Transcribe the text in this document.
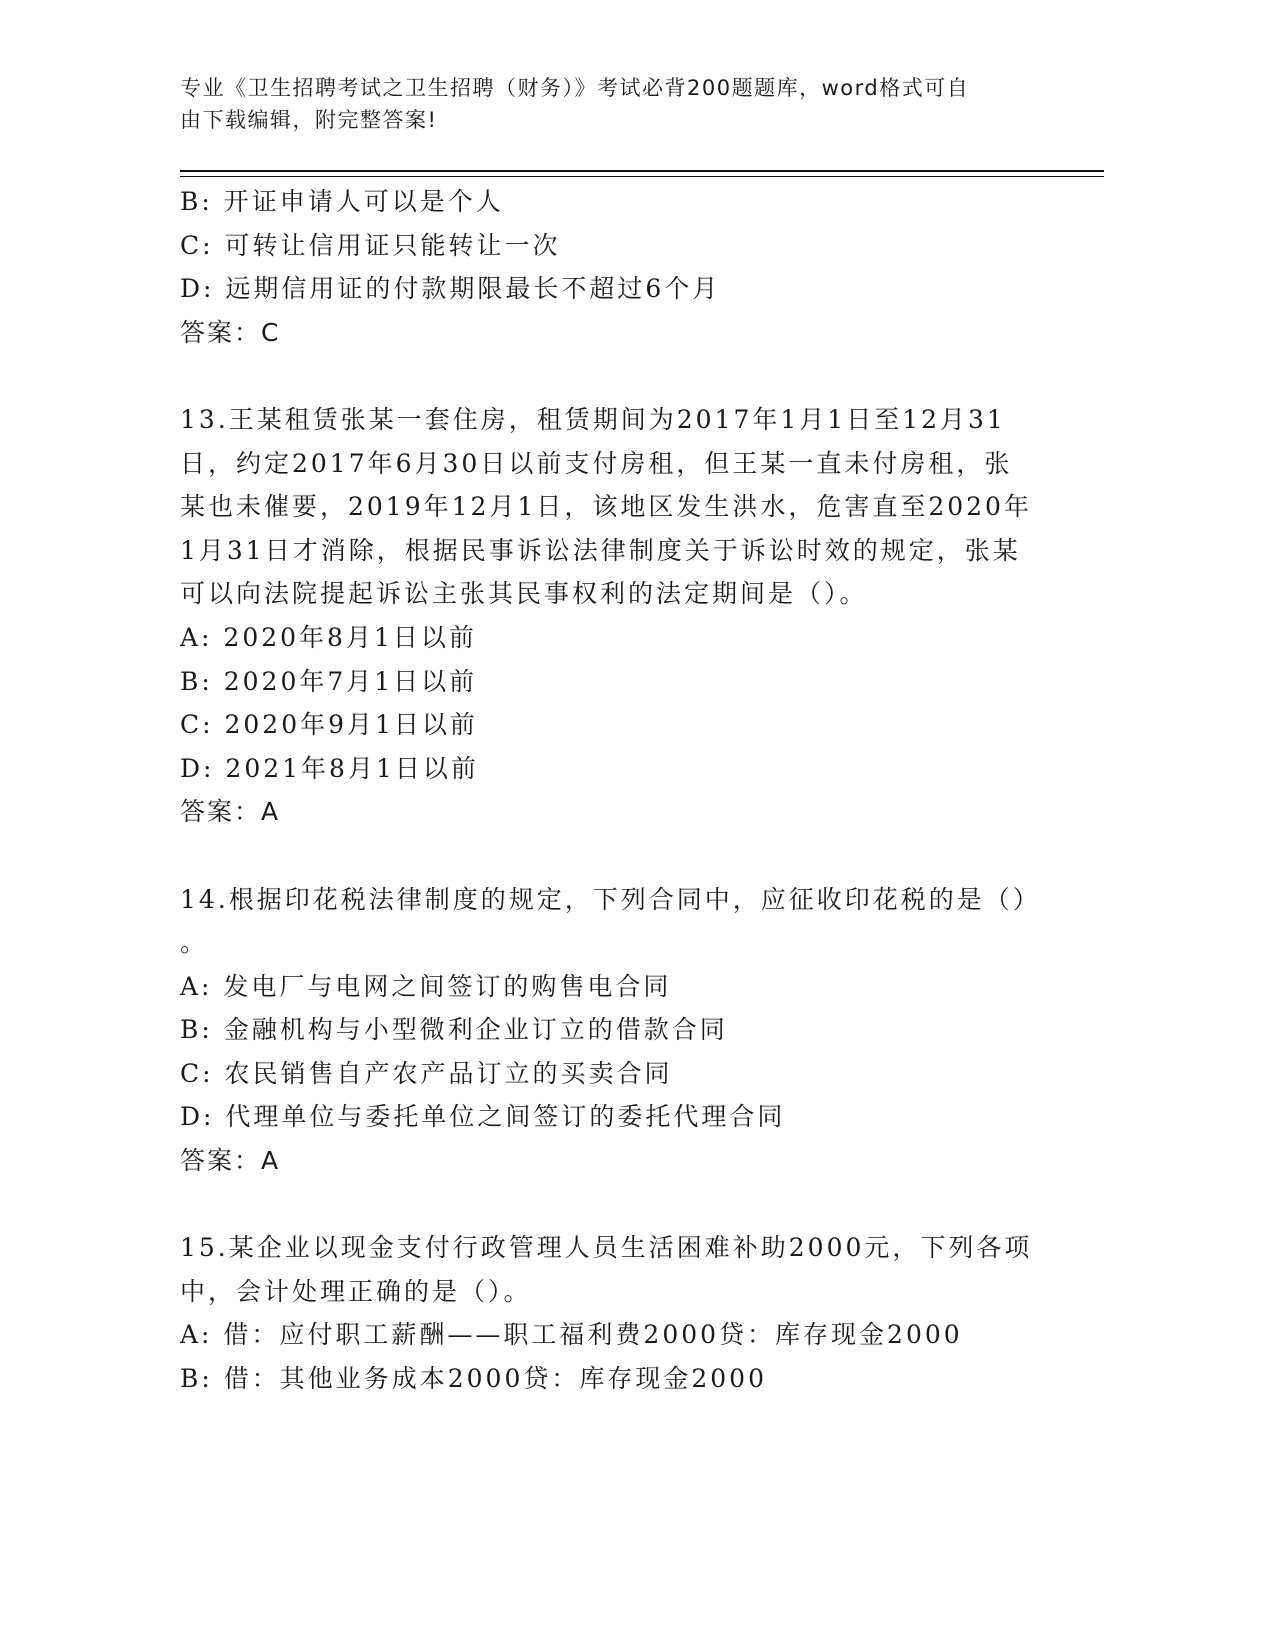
专业《卫生招聘考试之卫生招聘（财务）》考试必背200题题库，word格式可自
由下载编辑，附完整答案!

B: 开证申请人可以是个人

C: 可转让信用证只能转让一次

D: 远期信用证的付款期限最长不超过6个月

答案：C

13.王某租赁张某一套住房，租赁期间为2017年1月1日至12月31

日，约定2017年6月30日以前支付房租，但王某一直未付房租，张

某也未催要，2019年12月1日，该地区发生洪水，危害直至2020年

1月31日才消除，根据民事诉讼法律制度关于诉讼时效的规定，张某

可以向法院提起诉讼主张其民事权利的法定期间是（）。

A: 2020年8月1日以前

B: 2020年7月1日以前

C: 2020年9月1日以前

D: 2021年8月1日以前

答案：A

14.根据印花税法律制度的规定，下列合同中，应征收印花税的是（）

。

A: 发电厂与电网之间签订的购售电合同

B: 金融机构与小型微利企业订立的借款合同

C: 农民销售自产农产品订立的买卖合同

D: 代理单位与委托单位之间签订的委托代理合同

答案：A

15.某企业以现金支付行政管理人员生活困难补助2000元，下列各项

中，会计处理正确的是（）。

A: 借：应付职工薪酬——职工福利费2000贷：库存现金2000

B: 借：其他业务成本2000贷：库存现金2000
